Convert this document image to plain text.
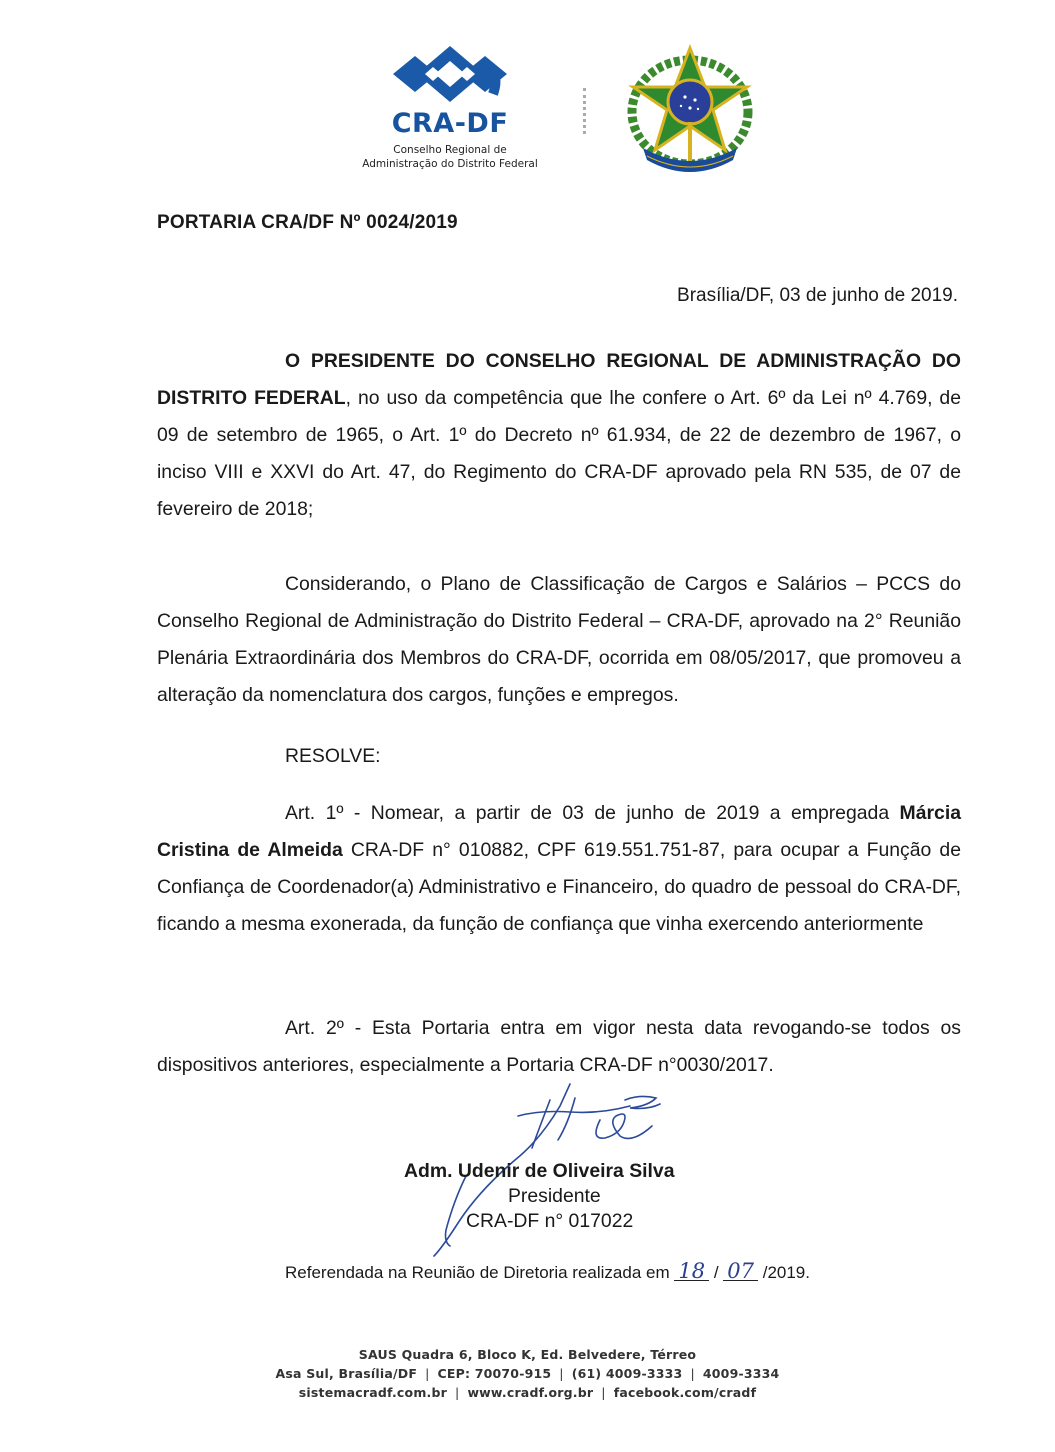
CRA-DF
Conselho Regional de
Administração do Distrito Federal
PORTARIA CRA/DF Nº 0024/2019
Brasília/DF, 03 de junho de 2019.

O PRESIDENTE DO CONSELHO REGIONAL DE ADMINISTRAÇÃO DO DISTRITO FEDERAL, no uso da competência que lhe confere o Art. 6º da Lei nº 4.769, de 09 de setembro de 1965, o Art. 1º do Decreto nº 61.934, de 22 de dezembro de 1967, o inciso VIII e XXVI do Art. 47, do Regimento do CRA-DF aprovado pela RN 535, de 07 de fevereiro de 2018;

Considerando, o Plano de Classificação de Cargos e Salários – PCCS do Conselho Regional de Administração do Distrito Federal – CRA-DF, aprovado na 2° Reunião Plenária Extraordinária dos Membros do CRA-DF, ocorrida em 08/05/2017, que promoveu a alteração da nomenclatura dos cargos, funções e empregos.

RESOLVE:

Art. 1º - Nomear, a partir de 03 de junho de 2019 a empregada Márcia Cristina de Almeida CRA-DF n° 010882, CPF 619.551.751-87, para ocupar a Função de Confiança de Coordenador(a) Administrativo e Financeiro, do quadro de pessoal do CRA-DF, ficando a mesma exonerada, da função de confiança que vinha exercendo anteriormente

Art. 2º - Esta Portaria entra em vigor nesta data revogando-se todos os dispositivos anteriores, especialmente a Portaria CRA-DF n°0030/2017.

Adm. Udenir de Oliveira Silva
Presidente
CRA-DF n° 017022
Referendada na Reunião de Diretoria realizada em 18 / 07 /2019.
SAUS Quadra 6, Bloco K, Ed. Belvedere, Térreo
Asa Sul, Brasília/DF | CEP: 70070-915 | (61) 4009-3333 | 4009-3334
sistemacradf.com.br | www.cradf.org.br | facebook.com/cradf
